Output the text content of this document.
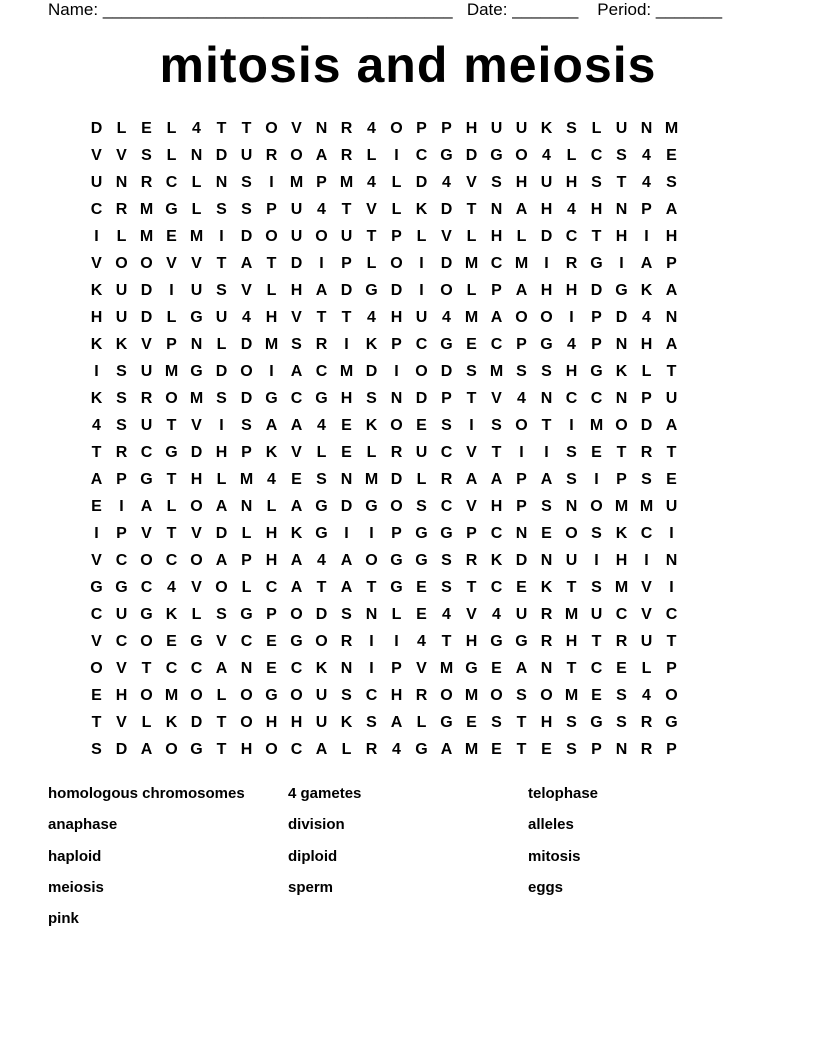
Name: _____________________________________ Date: _______ Period: _______
mitosis and meiosis
D L E L 4 T T O V N R 4 O P P H U U K S L U N M
V V S L N D U R O A R L	I	C G D G O 4 L C S 4 E
U N R C L N S	I	M P M 4 L D 4 V S H U H S T 4 S
C R M G L S S P U 4 T V L K D T N A H 4 H N P A
I	L M E M	I	D O U O U T P L V L H L D C T H	I	H
V O O V V T A T D	I	P L O	I	D M C M	I	R G	I	A P
K U D	I	U S V L H A D G D	I	O L P A H H D G K A
H U D L G U 4 H V T T 4 H U 4 M A O O	I	P D 4 N
K K V P N L D M S R	I	K P C G E C P G 4 P N H A
I	S U M G D O	I	A C M D	I	O D S M S S H G K L T
K S R O M S D G C G H S N D P T V 4 N C C N P U
4 S U T V	I	S A A 4 E K O E S	I	S O T	I	M O D A
T R C G D H P K V L E L R U C V T	I	I	S E T R T
A P G T H L M 4 E S N M D L R A A P A S	I	P S E
E	I	A L O A N L A G D G O S C V H P S N O M M U
I	P V T V D L H K G	I	I	P G G P C N E O S K C	I
V C O C O A P H A 4 A O G G S R K D N U	I	H	I	N
G G C 4 V O L C A T A T G E S T C E K T S M V	I
C U G K L S G P O D S N L E 4 V 4 U R M U C V C
V C O E G V C E G O R	I	I	4 T H G G R H T R U T
O V T C C A N E C K N	I	P V M G E A N T C E L P
E H O M O L O G O U S C H R O M O S O M E S 4 O
T V L K D T O H H U K S A L G E S T H S G S R G
S D A O G T H O C A L R 4 G A M E T E S P N R P
homologous chromosomes	4 gametes	telophase
anaphase	division	alleles
haploid	diploid	mitosis
meiosis	sperm	eggs
pink
